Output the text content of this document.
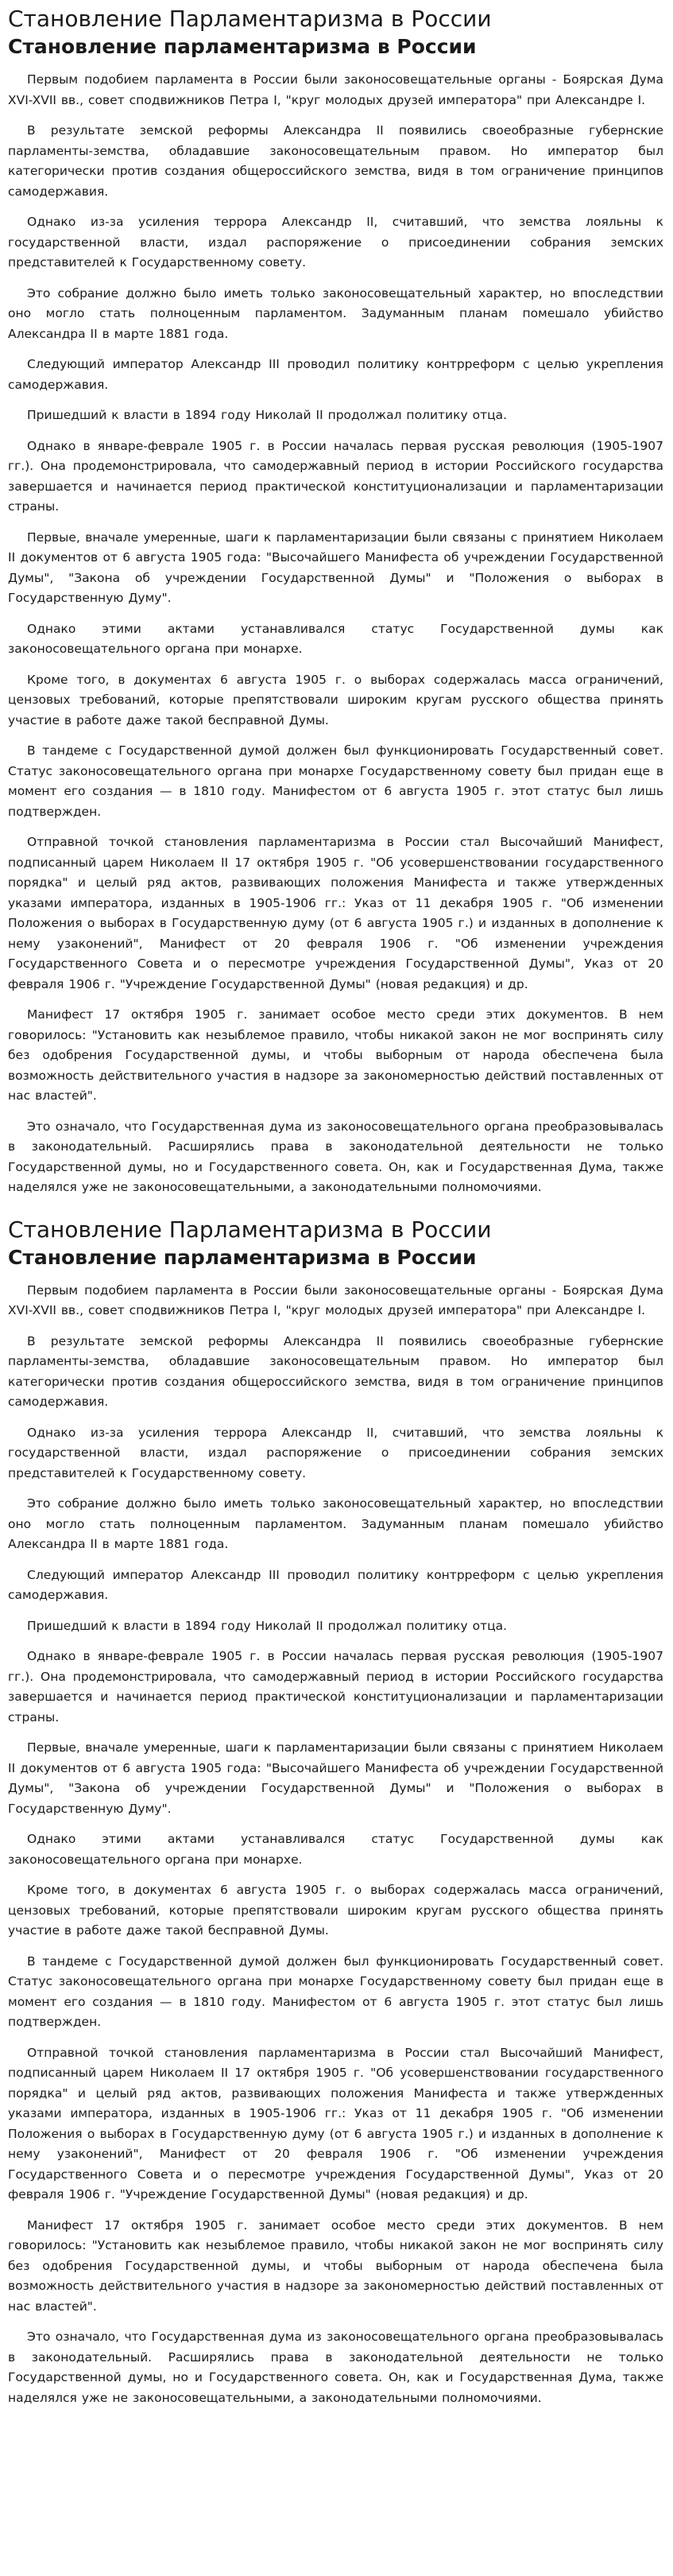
Становление Парламентаризма в России
Становление парламентаризма в России

Первым подобием парламента в России были законосовещательные органы - Боярская Дума XVI-XVII вв., совет сподвижников Петра I, "круг молодых друзей императора" при Александре I.

В результате земской реформы Александра II появились своеобразные губернские парламенты-земства, обладавшие законосовещательным правом. Но император был категорически против создания общероссийского земства, видя в том ограничение принципов самодержавия.

Однако из-за усиления террора Александр II, считавший, что земства лояльны к государственной власти, издал распоряжение о присоединении собрания земских представителей к Государственному совету.

Это собрание должно было иметь только законосовещательный характер, но впоследствии оно могло стать полноценным парламентом. Задуманным планам помешало убийство Александра II в марте 1881 года.

Следующий император Александр III проводил политику контрреформ с целью укрепления самодержавия.

Пришедший к власти в 1894 году Николай II продолжал политику отца.

Однако в январе-феврале 1905 г. в России началась первая русская революция (1905-1907 гг.). Она продемонстрировала, что самодержавный период в истории Российского государства завершается и начинается период практической конституционализации и парламентаризации страны.

Первые, вначале умеренные, шаги к парламентаризации были связаны с принятием Николаем II документов от 6 августа 1905 года: "Высочайшего Манифеста об учреждении Государственной Думы", "Закона об учреждении Государственной Думы" и "Положения о выборах в Государственную Думу".

Однако этими актами устанавливался статус Государственной думы как законосовещательного органа при монархе.

Кроме того, в документах 6 августа 1905 г. о выборах содержалась масса ограничений, цензовых требований, которые препятствовали широким кругам русского общества принять участие в работе даже такой бесправной Думы.

В тандеме с Государственной думой должен был функционировать Государственный совет. Статус законосовещательного органа при монархе Государственному совету был придан еще в момент его создания — в 1810 году. Манифестом от 6 августа 1905 г. этот статус был лишь подтвержден.

Отправной точкой становления парламентаризма в России стал Высочайший Манифест, подписанный царем Николаем II 17 октября 1905 г. "Об усовершенствовании государственного порядка" и целый ряд актов, развивающих положения Манифеста и также утвержденных указами императора, изданных в 1905-1906 гг.: Указ от 11 декабря 1905 г. "Об изменении Положения о выборах в Государственную думу (от 6 августа 1905 г.) и изданных в дополнение к нему узаконений", Манифест от 20 февраля 1906 г. "Об изменении учреждения Государственного Совета и о пересмотре учреждения Государственной Думы", Указ от 20 февраля 1906 г. "Учреждение Государственной Думы" (новая редакция) и др.

Манифест 17 октября 1905 г. занимает особое место среди этих документов. В нем говорилось: "Установить как незыблемое правило, чтобы никакой закон не мог воспринять силу без одобрения Государственной думы, и чтобы выборным от народа обеспечена была возможность действительного участия в надзоре за закономерностью действий поставленных от нас властей".

Это означало, что Государственная дума из законосовещательного органа преобразовывалась в законодательный. Расширялись права в законодательной деятельности не только Государственной думы, но и Государственного совета. Он, как и Государственная Дума, также наделялся уже не законосовещательными, а законодательными полномочиями.

Становление Парламентаризма в России
Становление парламентаризма в России

Первым подобием парламента в России были законосовещательные органы - Боярская Дума XVI-XVII вв., совет сподвижников Петра I, "круг молодых друзей императора" при Александре I.

В результате земской реформы Александра II появились своеобразные губернские парламенты-земства, обладавшие законосовещательным правом. Но император был категорически против создания общероссийского земства, видя в том ограничение принципов самодержавия.

Однако из-за усиления террора Александр II, считавший, что земства лояльны к государственной власти, издал распоряжение о присоединении собрания земских представителей к Государственному совету.

Это собрание должно было иметь только законосовещательный характер, но впоследствии оно могло стать полноценным парламентом. Задуманным планам помешало убийство Александра II в марте 1881 года.

Следующий император Александр III проводил политику контрреформ с целью укрепления самодержавия.

Пришедший к власти в 1894 году Николай II продолжал политику отца.

Однако в январе-феврале 1905 г. в России началась первая русская революция (1905-1907 гг.). Она продемонстрировала, что самодержавный период в истории Российского государства завершается и начинается период практической конституционализации и парламентаризации страны.

Первые, вначале умеренные, шаги к парламентаризации были связаны с принятием Николаем II документов от 6 августа 1905 года: "Высочайшего Манифеста об учреждении Государственной Думы", "Закона об учреждении Государственной Думы" и "Положения о выборах в Государственную Думу".

Однако этими актами устанавливался статус Государственной думы как законосовещательного органа при монархе.

Кроме того, в документах 6 августа 1905 г. о выборах содержалась масса ограничений, цензовых требований, которые препятствовали широким кругам русского общества принять участие в работе даже такой бесправной Думы.

В тандеме с Государственной думой должен был функционировать Государственный совет. Статус законосовещательного органа при монархе Государственному совету был придан еще в момент его создания — в 1810 году. Манифестом от 6 августа 1905 г. этот статус был лишь подтвержден.

Отправной точкой становления парламентаризма в России стал Высочайший Манифест, подписанный царем Николаем II 17 октября 1905 г. "Об усовершенствовании государственного порядка" и целый ряд актов, развивающих положения Манифеста и также утвержденных указами императора, изданных в 1905-1906 гг.: Указ от 11 декабря 1905 г. "Об изменении Положения о выборах в Государственную думу (от 6 августа 1905 г.) и изданных в дополнение к нему узаконений", Манифест от 20 февраля 1906 г. "Об изменении учреждения Государственного Совета и о пересмотре учреждения Государственной Думы", Указ от 20 февраля 1906 г. "Учреждение Государственной Думы" (новая редакция) и др.

Манифест 17 октября 1905 г. занимает особое место среди этих документов. В нем говорилось: "Установить как незыблемое правило, чтобы никакой закон не мог воспринять силу без одобрения Государственной думы, и чтобы выборным от народа обеспечена была возможность действительного участия в надзоре за закономерностью действий поставленных от нас властей".

Это означало, что Государственная дума из законосовещательного органа преобразовывалась в законодательный. Расширялись права в законодательной деятельности не только Государственной думы, но и Государственного совета. Он, как и Государственная Дума, также наделялся уже не законосовещательными, а законодательными полномочиями.
